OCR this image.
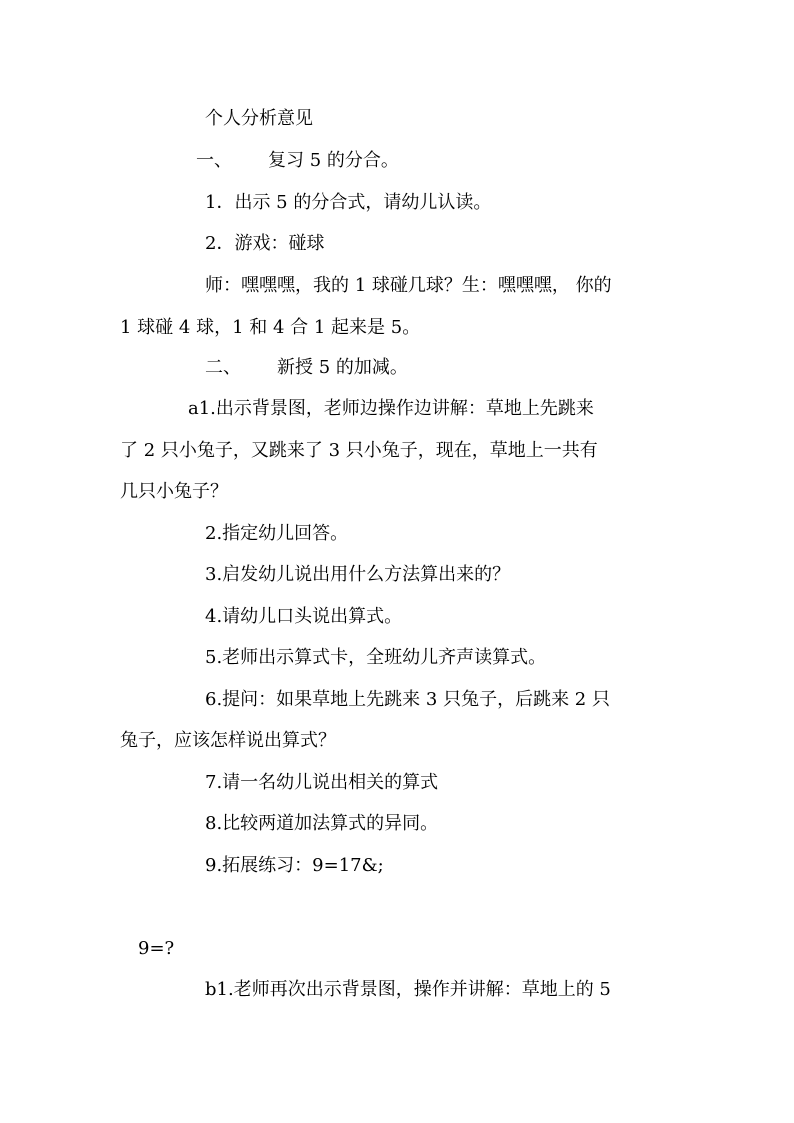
个人分析意见
一、 复习 5 的分合。
1．出示 5 的分合式，请幼儿认读。
2．游戏：碰球
师：嘿嘿嘿，我的 1 球碰几球？生：嘿嘿嘿， 你的
1 球碰 4 球，1 和 4 合 1 起来是 5。
二、 新授 5 的加减。
a1.出示背景图，老师边操作边讲解：草地上先跳来
了 2 只小兔子，又跳来了 3 只小兔子，现在，草地上一共有
几只小兔子？
2.指定幼儿回答。
3.启发幼儿说出用什么方法算出来的？
4.请幼儿口头说出算式。
5.老师出示算式卡，全班幼儿齐声读算式。
6.提问：如果草地上先跳来 3 只兔子，后跳来 2 只
兔子，应该怎样说出算式？
7.请一名幼儿说出相关的算式
8.比较两道加法算式的异同。
9.拓展练习：9=17&;
9=?
b1.老师再次出示背景图，操作并讲解：草地上的 5
